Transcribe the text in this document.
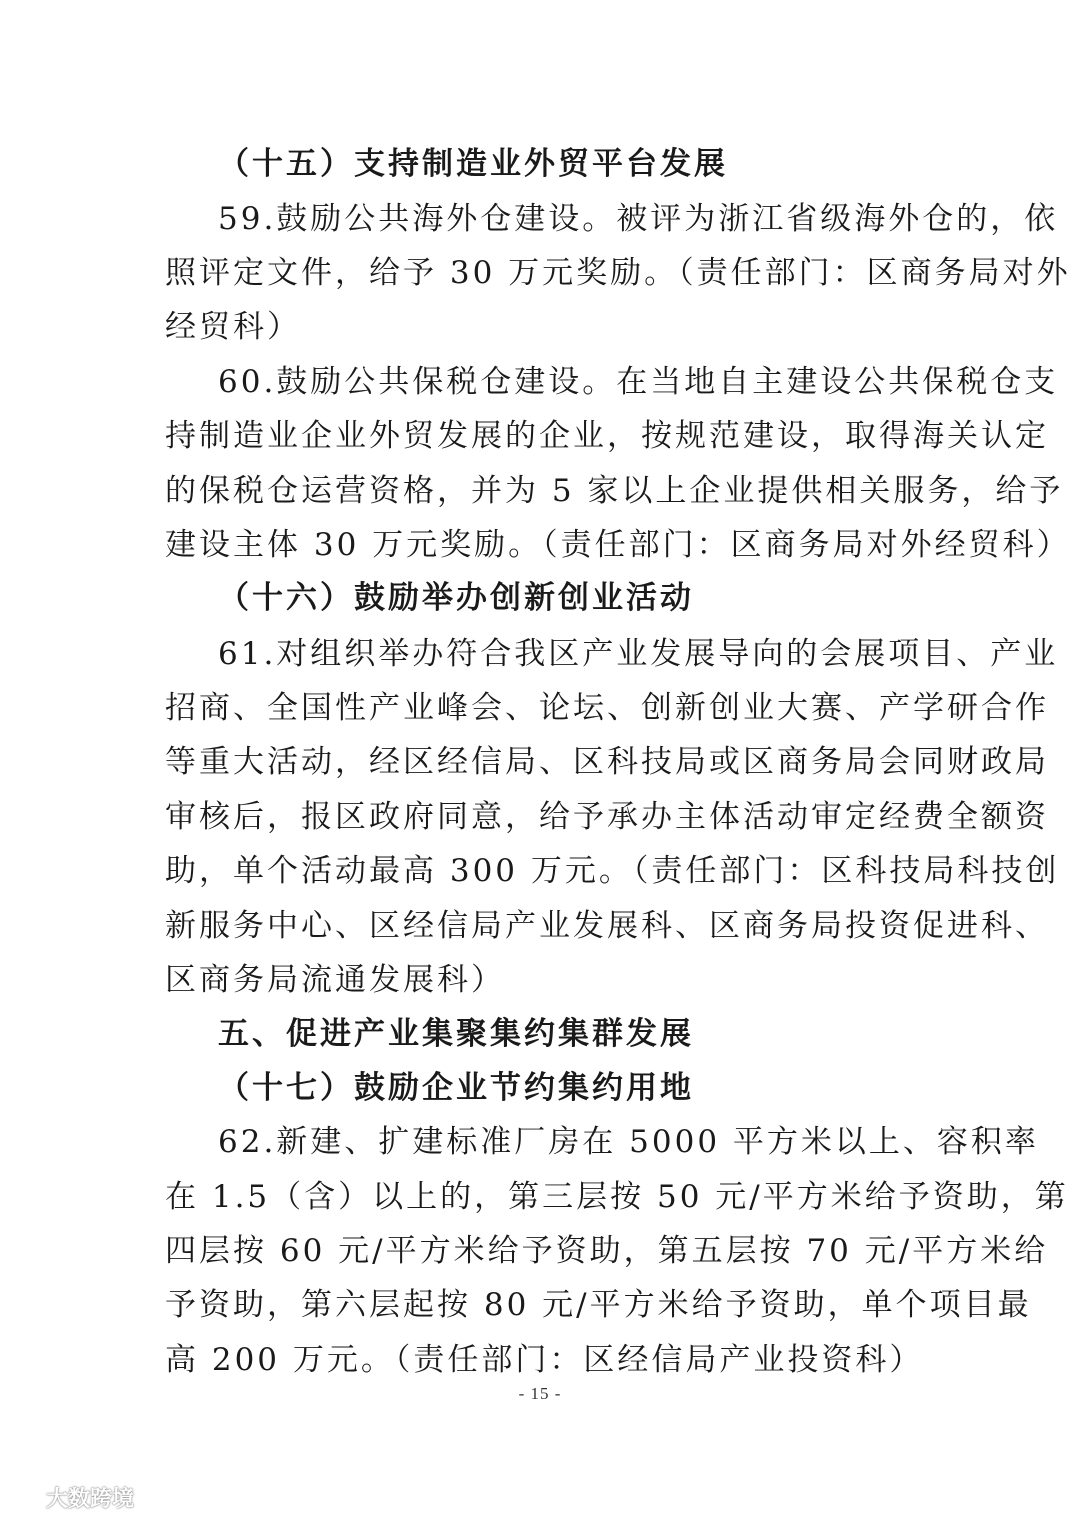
（十五）支持制造业外贸平台发展
59.鼓励公共海外仓建设。被评为浙江省级海外仓的，依
照评定文件，给予 30 万元奖励。（责任部门：区商务局对外
经贸科）
60.鼓励公共保税仓建设。在当地自主建设公共保税仓支
持制造业企业外贸发展的企业，按规范建设，取得海关认定
的保税仓运营资格，并为 5 家以上企业提供相关服务，给予
建设主体 30 万元奖励。（责任部门：区商务局对外经贸科）
（十六）鼓励举办创新创业活动
61.对组织举办符合我区产业发展导向的会展项目、产业
招商、全国性产业峰会、论坛、创新创业大赛、产学研合作
等重大活动，经区经信局、区科技局或区商务局会同财政局
审核后，报区政府同意，给予承办主体活动审定经费全额资
助，单个活动最高 300 万元。（责任部门：区科技局科技创
新服务中心、区经信局产业发展科、区商务局投资促进科、
区商务局流通发展科）
五、促进产业集聚集约集群发展
（十七）鼓励企业节约集约用地
62.新建、扩建标准厂房在 5000 平方米以上、容积率
在 1.5（含）以上的，第三层按 50 元/平方米给予资助，第
四层按 60 元/平方米给予资助，第五层按 70 元/平方米给
予资助，第六层起按 80 元/平方米给予资助，单个项目最
高 200 万元。（责任部门：区经信局产业投资科）
- 15 -
大数跨境
